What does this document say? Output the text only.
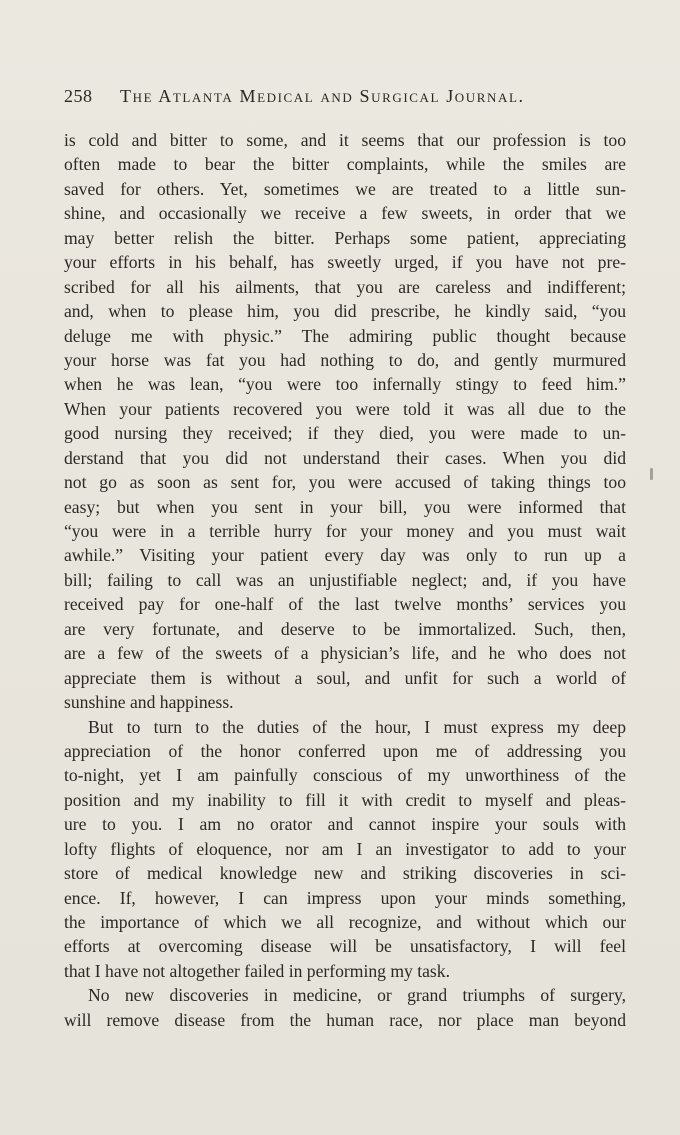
258 The Atlanta Medical and Surgical Journal.
is cold and bitter to some, and it seems that our profession is too
often made to bear the bitter complaints, while the smiles are
saved for others. Yet, sometimes we are treated to a little sun-
shine, and occasionally we receive a few sweets, in order that we
may better relish the bitter. Perhaps some patient, appreciating
your efforts in his behalf, has sweetly urged, if you have not pre-
scribed for all his ailments, that you are careless and indifferent;
and, when to please him, you did prescribe, he kindly said, “you
deluge me with physic.” The admiring public thought because
your horse was fat you had nothing to do, and gently murmured
when he was lean, “you were too infernally stingy to feed him.”
When your patients recovered you were told it was all due to the
good nursing they received; if they died, you were made to un-
derstand that you did not understand their cases. When you did
not go as soon as sent for, you were accused of taking things too
easy; but when you sent in your bill, you were informed that
“you were in a terrible hurry for your money and you must wait
awhile.” Visiting your patient every day was only to run up a
bill; failing to call was an unjustifiable neglect; and, if you have
received pay for one-half of the last twelve months’ services you
are very fortunate, and deserve to be immortalized. Such, then,
are a few of the sweets of a physician’s life, and he who does not
appreciate them is without a soul, and unfit for such a world of
sunshine and happiness.
But to turn to the duties of the hour, I must express my deep
appreciation of the honor conferred upon me of addressing you
to-night, yet I am painfully conscious of my unworthiness of the
position and my inability to fill it with credit to myself and pleas-
ure to you. I am no orator and cannot inspire your souls with
lofty flights of eloquence, nor am I an investigator to add to your
store of medical knowledge new and striking discoveries in sci-
ence. If, however, I can impress upon your minds something,
the importance of which we all recognize, and without which our
efforts at overcoming disease will be unsatisfactory, I will feel
that I have not altogether failed in performing my task.
No new discoveries in medicine, or grand triumphs of surgery,
will remove disease from the human race, nor place man beyond
